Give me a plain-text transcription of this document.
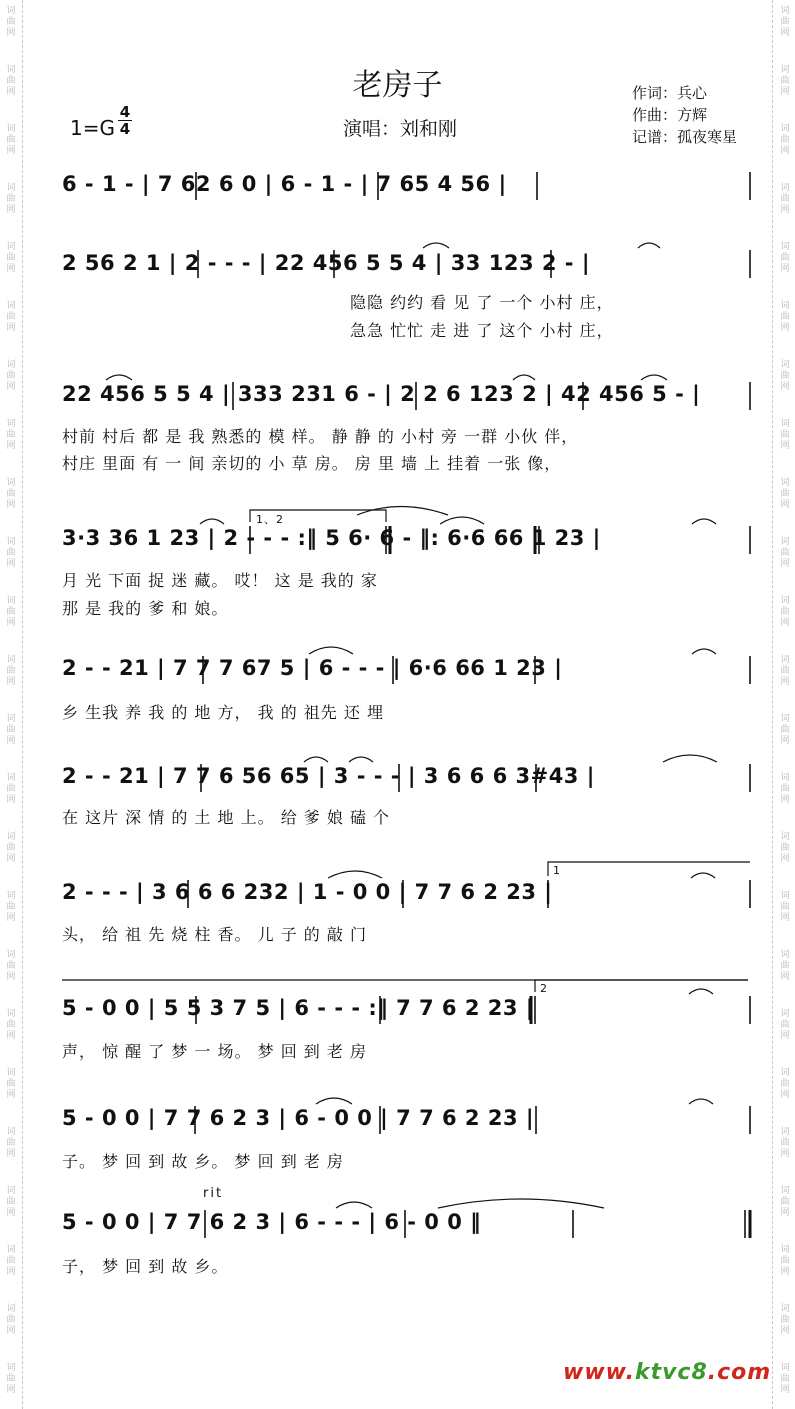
词
曲
网
词
曲
网
词
曲
网
词
曲
网
词
曲
网
词
曲
网
词
曲
网
词
曲
网
词
曲
网
词
曲
网
词
曲
网
词
曲
网
词
曲
网
词
曲
网
词
曲
网
词
曲
网
词
曲
网
词
曲
网
词
曲
网
词
曲
网
词
曲
网
词
曲
网
词
曲
网
词
曲
网
词
曲
网
词
曲
网
词
曲
网
词
曲
网
词
曲
网
词
曲
网
词
曲
网
词
曲
网
词
曲
网
词
曲
网
词
曲
网
词
曲
网
词
曲
网
词
曲
网
词
曲
网
词
曲
网
词
曲
网
词
曲
网
词
曲
网
词
曲
网
词
曲
网
词
曲
网
词
曲
网
词
曲
网
老房子
1=G
4
4	演唱：刘和刚
作词：兵心
作曲：方辉
记谱：孤夜寒星
6 - 1 - | 7 62 6 0 | 6 - 1 - | 7 65 4 56 |
2 56 2 1 | 2 - - - | 22 456 5 5 4 | 33 123 2 - |
隐隐 约约 看 见 了 一个 小村 庄，
急急 忙忙 走 进 了 这个 小村 庄，
22 456 5 5 4 | 333 231 6 - | 2 2 6 123 2 | 42 456 5 - |
村前 村后 都 是 我 熟悉的 模 样。 静 静 的 小村 旁 一群 小伙 伴，
村庄 里面 有 一 间 亲切的 小 草 房。 房 里 墙 上 挂着 一张 像，
1、2
3·3 36 1 23 | 2 - - - :‖ 5 6· 6 - ‖: 6·6 66 1 23 |
月 光 下面 捉 迷 藏。 哎！ 这 是 我的 家
那 是 我的 爹 和 娘。
2 - - 21 | 7 7 7 67 5 | 6 - - - | 6·6 66 1 23 |
乡 生我 养 我 的 地 方， 我 的 祖先 还 埋
2 - - 21 | 7 7 6 56 65 | 3 - - - | 3 6 6 6 3#43 |
在 这片 深 情 的 土 地 上。 给 爹 娘 磕 个
1
2 - - - | 3 6 6 6 232 | 1 - 0 0 | 7 7 6 2 23 |
头， 给 祖 先 烧 柱 香。 儿 子 的 敲 门
2
5 - 0 0 | 5 5 3 7 5 | 6 - - - :‖ 7 7 6 2 23 |
声， 惊 醒 了 梦 一 场。 梦 回 到 老 房
5 - 0 0 | 7 7 6 2 3 | 6 - 0 0 | 7 7 6 2 23 |
子。 梦 回 到 故 乡。 梦 回 到 老 房
rit
5 - 0 0 | 7 7 6 2 3 | 6 - - - | 6 - 0 0 ‖
子， 梦 回 到 故 乡。
www.ktvc8.com
